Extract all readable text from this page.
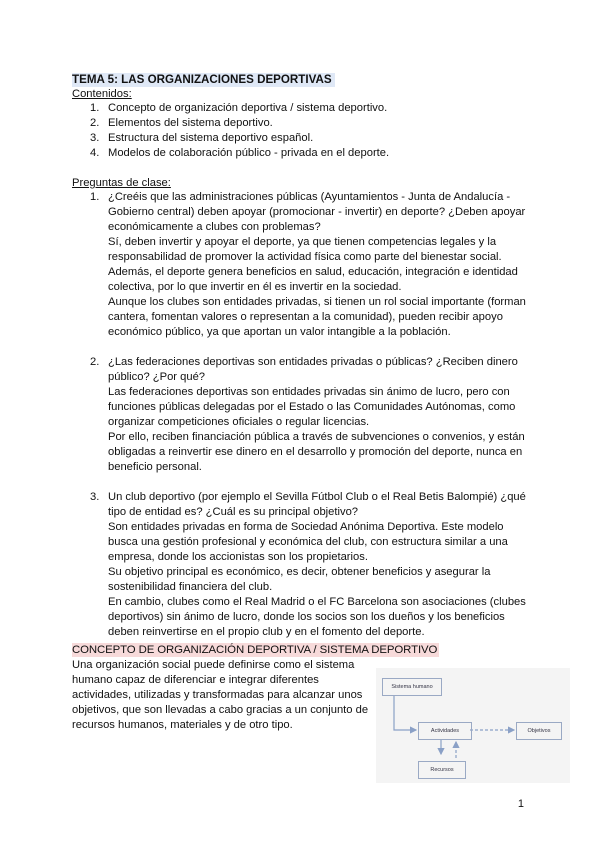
TEMA 5: LAS ORGANIZACIONES DEPORTIVAS
Contenidos:
1. Concepto de organización deportiva / sistema deportivo.
2. Elementos del sistema deportivo.
3. Estructura del sistema deportivo español.
4. Modelos de colaboración público - privada en el deporte.
Preguntas de clase:
1. ¿Creéis que las administraciones públicas (Ayuntamientos - Junta de Andalucía -
Gobierno central) deben apoyar (promocionar - invertir) en deporte? ¿Deben apoyar
económicamente a clubes con problemas?
Sí, deben invertir y apoyar el deporte, ya que tienen competencias legales y la
responsabilidad de promover la actividad física como parte del bienestar social.
Además, el deporte genera beneficios en salud, educación, integración e identidad
colectiva, por lo que invertir en él es invertir en la sociedad.
Aunque los clubes son entidades privadas, si tienen un rol social importante (forman
cantera, fomentan valores o representan a la comunidad), pueden recibir apoyo
económico público, ya que aportan un valor intangible a la población.
2. ¿Las federaciones deportivas son entidades privadas o públicas? ¿Reciben dinero
público? ¿Por qué?
Las federaciones deportivas son entidades privadas sin ánimo de lucro, pero con
funciones públicas delegadas por el Estado o las Comunidades Autónomas, como
organizar competiciones oficiales o regular licencias.
Por ello, reciben financiación pública a través de subvenciones o convenios, y están
obligadas a reinvertir ese dinero en el desarrollo y promoción del deporte, nunca en
beneficio personal.
3. Un club deportivo (por ejemplo el Sevilla Fútbol Club o el Real Betis Balompié) ¿qué
tipo de entidad es? ¿Cuál es su principal objetivo?
Son entidades privadas en forma de Sociedad Anónima Deportiva. Este modelo
busca una gestión profesional y económica del club, con estructura similar a una
empresa, donde los accionistas son los propietarios.
Su objetivo principal es económico, es decir, obtener beneficios y asegurar la
sostenibilidad financiera del club.
En cambio, clubes como el Real Madrid o el FC Barcelona son asociaciones (clubes
deportivos) sin ánimo de lucro, donde los socios son los dueños y los beneficios
deben reinvertirse en el propio club y en el fomento del deporte.
CONCEPTO DE ORGANIZACIÓN DEPORTIVA / SISTEMA DEPORTIVO
Una organización social puede definirse como el sistema
humano capaz de diferenciar e integrar diferentes
actividades, utilizadas y transformadas para alcanzar unos
objetivos, que son llevadas a cabo gracias a un conjunto de
recursos humanos, materiales y de otro tipo.
Sistema humano
Actividades	Objetivos
Recursos
1
